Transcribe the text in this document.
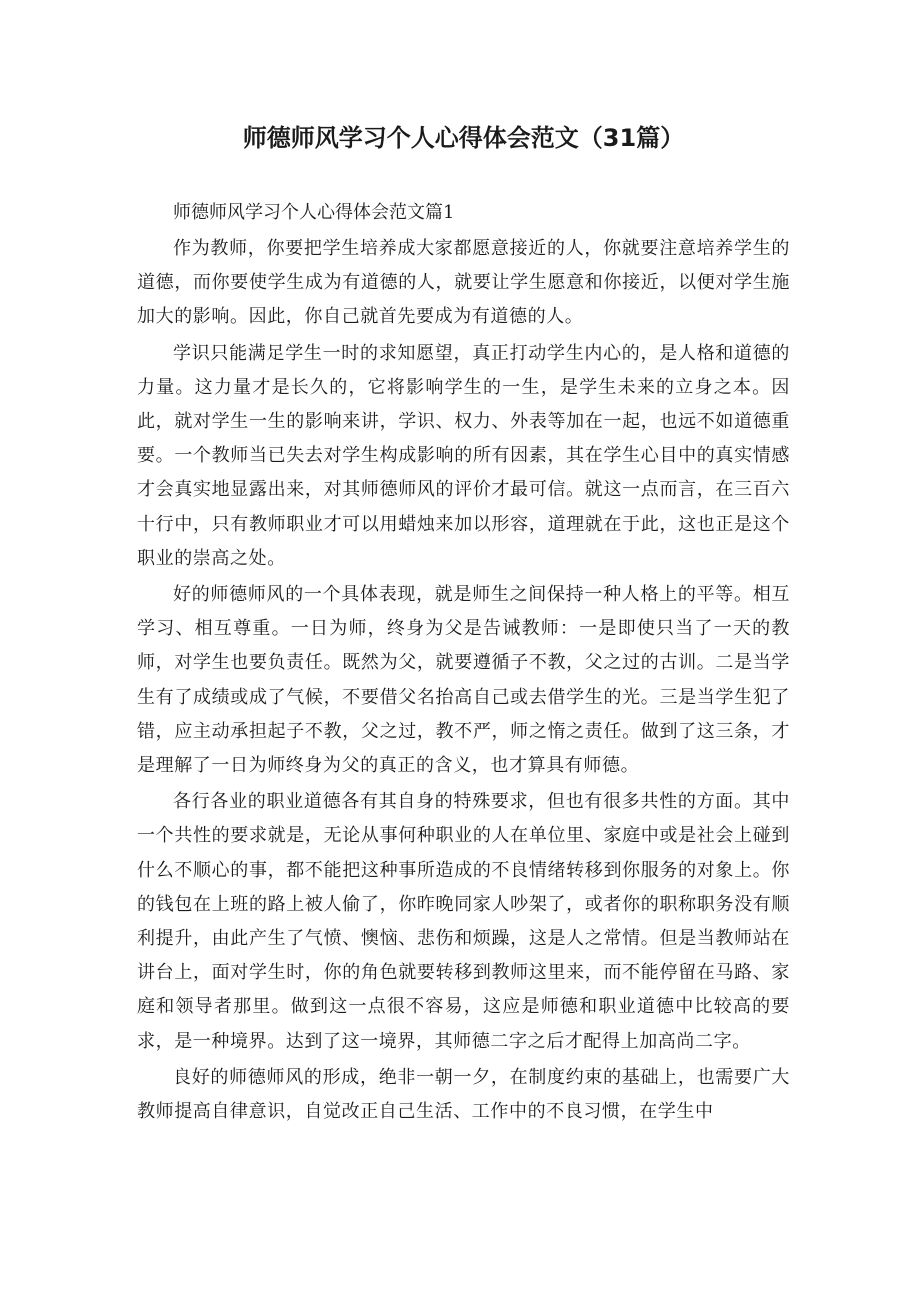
师德师风学习个人心得体会范文（31篇）

师德师风学习个人心得体会范文篇1

作为教师，你要把学生培养成大家都愿意接近的人，你就要注意培养学生的道德，而你要使学生成为有道德的人，就要让学生愿意和你接近，以便对学生施加大的影响。因此，你自己就首先要成为有道德的人。

学识只能满足学生一时的求知愿望，真正打动学生内心的，是人格和道德的力量。这力量才是长久的，它将影响学生的一生，是学生未来的立身之本。因此，就对学生一生的影响来讲，学识、权力、外表等加在一起，也远不如道德重要。一个教师当已失去对学生构成影响的所有因素，其在学生心目中的真实情感才会真实地显露出来，对其师德师风的评价才最可信。就这一点而言，在三百六十行中，只有教师职业才可以用蜡烛来加以形容，道理就在于此，这也正是这个职业的崇高之处。

好的师德师风的一个具体表现，就是师生之间保持一种人格上的平等。相互学习、相互尊重。一日为师，终身为父是告诫教师：一是即使只当了一天的教师，对学生也要负责任。既然为父，就要遵循子不教，父之过的古训。二是当学生有了成绩或成了气候，不要借父名抬高自己或去借学生的光。三是当学生犯了错，应主动承担起子不教，父之过，教不严，师之惰之责任。做到了这三条，才是理解了一日为师终身为父的真正的含义，也才算具有师德。

各行各业的职业道德各有其自身的特殊要求，但也有很多共性的方面。其中一个共性的要求就是，无论从事何种职业的人在单位里、家庭中或是社会上碰到什么不顺心的事，都不能把这种事所造成的不良情绪转移到你服务的对象上。你的钱包在上班的路上被人偷了，你昨晚同家人吵架了，或者你的职称职务没有顺利提升，由此产生了气愤、懊恼、悲伤和烦躁，这是人之常情。但是当教师站在讲台上，面对学生时，你的角色就要转移到教师这里来，而不能停留在马路、家庭和领导者那里。做到这一点很不容易，这应是师德和职业道德中比较高的要求，是一种境界。达到了这一境界，其师德二字之后才配得上加高尚二字。

良好的师德师风的形成，绝非一朝一夕，在制度约束的基础上，也需要广大教师提高自律意识，自觉改正自己生活、工作中的不良习惯，在学生中
